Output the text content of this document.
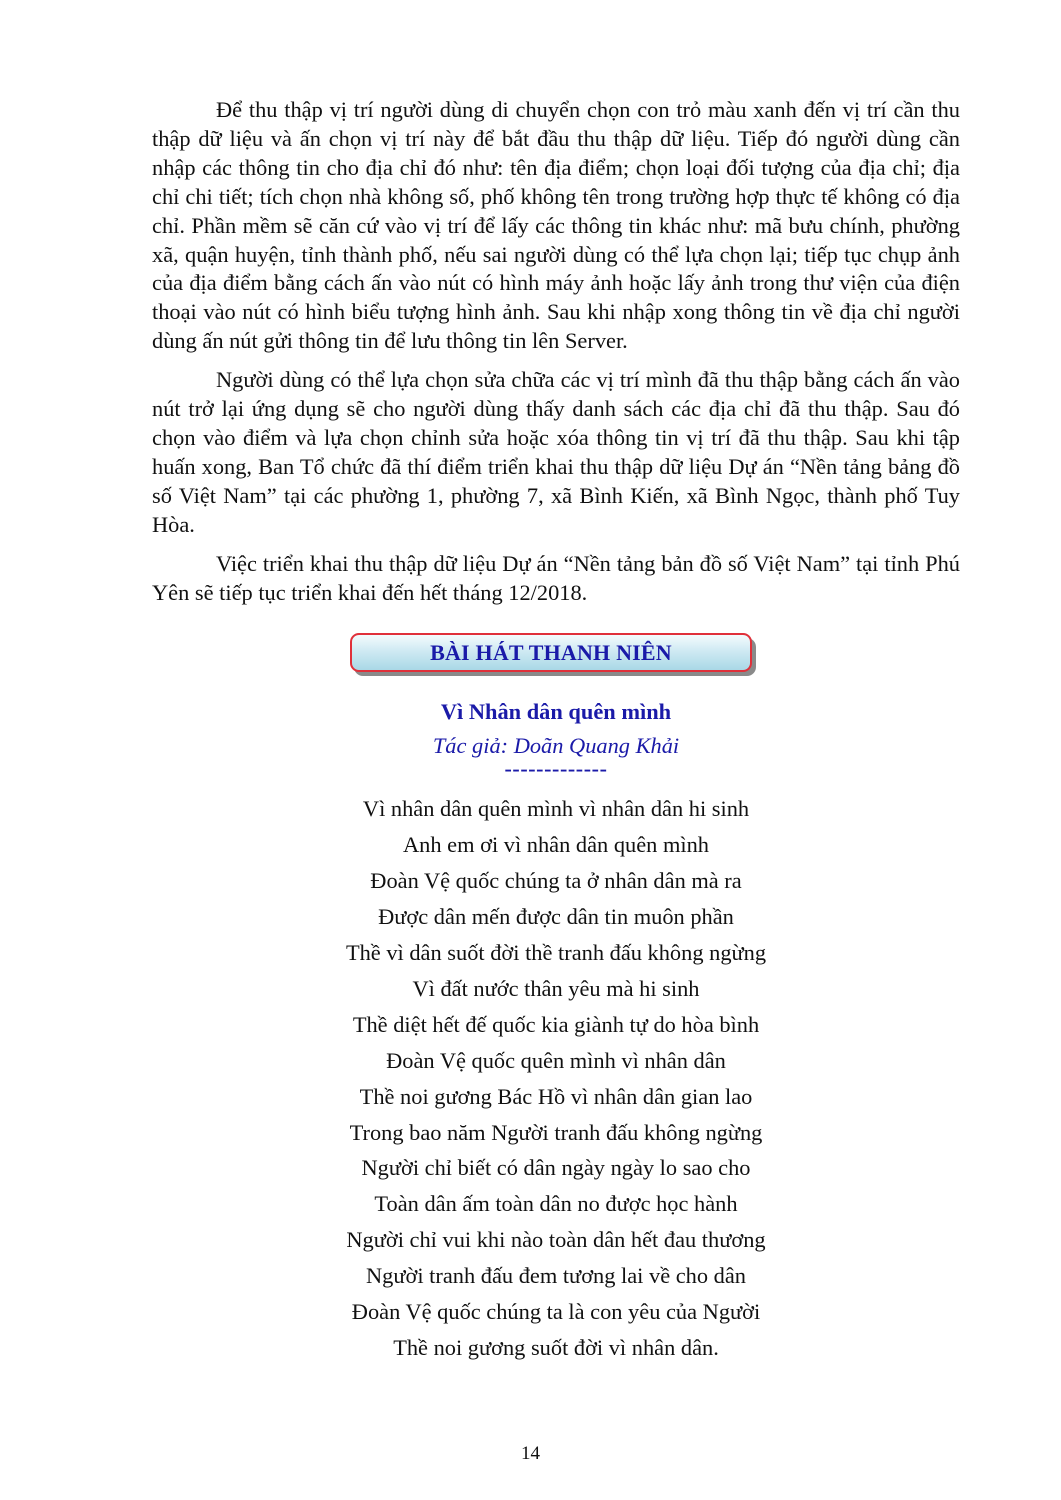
Để thu thập vị trí người dùng di chuyển chọn con trỏ màu xanh đến vị trí cần thu thập dữ liệu và ấn chọn vị trí này để bắt đầu thu thập dữ liệu. Tiếp đó người dùng cần nhập các thông tin cho địa chỉ đó như: tên địa điểm; chọn loại đối tượng của địa chỉ; địa chỉ chi tiết; tích chọn nhà không số, phố không tên trong trường hợp thực tế không có địa chỉ. Phần mềm sẽ căn cứ vào vị trí để lấy các thông tin khác như: mã bưu chính, phường xã, quận huyện, tỉnh thành phố, nếu sai người dùng có thể lựa chọn lại; tiếp tục chụp ảnh của địa điểm bằng cách ấn vào nút có hình máy ảnh hoặc lấy ảnh trong thư viện của điện thoại vào nút có hình biểu tượng hình ảnh. Sau khi nhập xong thông tin về địa chỉ người dùng ấn nút gửi thông tin để lưu thông tin lên Server.

Người dùng có thể lựa chọn sửa chữa các vị trí mình đã thu thập bằng cách ấn vào nút trở lại ứng dụng sẽ cho người dùng thấy danh sách các địa chỉ đã thu thập. Sau đó chọn vào điểm và lựa chọn chỉnh sửa hoặc xóa thông tin vị trí đã thu thập. Sau khi tập huấn xong, Ban Tổ chức đã thí điểm triển khai thu thập dữ liệu Dự án “Nền tảng bảng đồ số Việt Nam” tại các phường 1, phường 7, xã Bình Kiến, xã Bình Ngọc, thành phố Tuy Hòa.

Việc triển khai thu thập dữ liệu Dự án “Nền tảng bản đồ số Việt Nam” tại tỉnh Phú Yên sẽ tiếp tục triển khai đến hết tháng 12/2018.

BÀI HÁT THANH NIÊN
Vì Nhân dân quên mình
Tác giả: Doãn Quang Khải
-------------
Vì nhân dân quên mình vì nhân dân hi sinh
Anh em ơi vì nhân dân quên mình
Đoàn Vệ quốc chúng ta ở nhân dân mà ra
Được dân mến được dân tin muôn phần
Thề vì dân suốt đời thề tranh đấu không ngừng
Vì đất nước thân yêu mà hi sinh
Thề diệt hết đế quốc kia giành tự do hòa bình
Đoàn Vệ quốc quên mình vì nhân dân
Thề noi gương Bác Hồ vì nhân dân gian lao
Trong bao năm Người tranh đấu không ngừng
Người chỉ biết có dân ngày ngày lo sao cho
Toàn dân ấm toàn dân no được học hành
Người chỉ vui khi nào toàn dân hết đau thương
Người tranh đấu đem tương lai về cho dân
Đoàn Vệ quốc chúng ta là con yêu của Người
Thề noi gương suốt đời vì nhân dân.
14
